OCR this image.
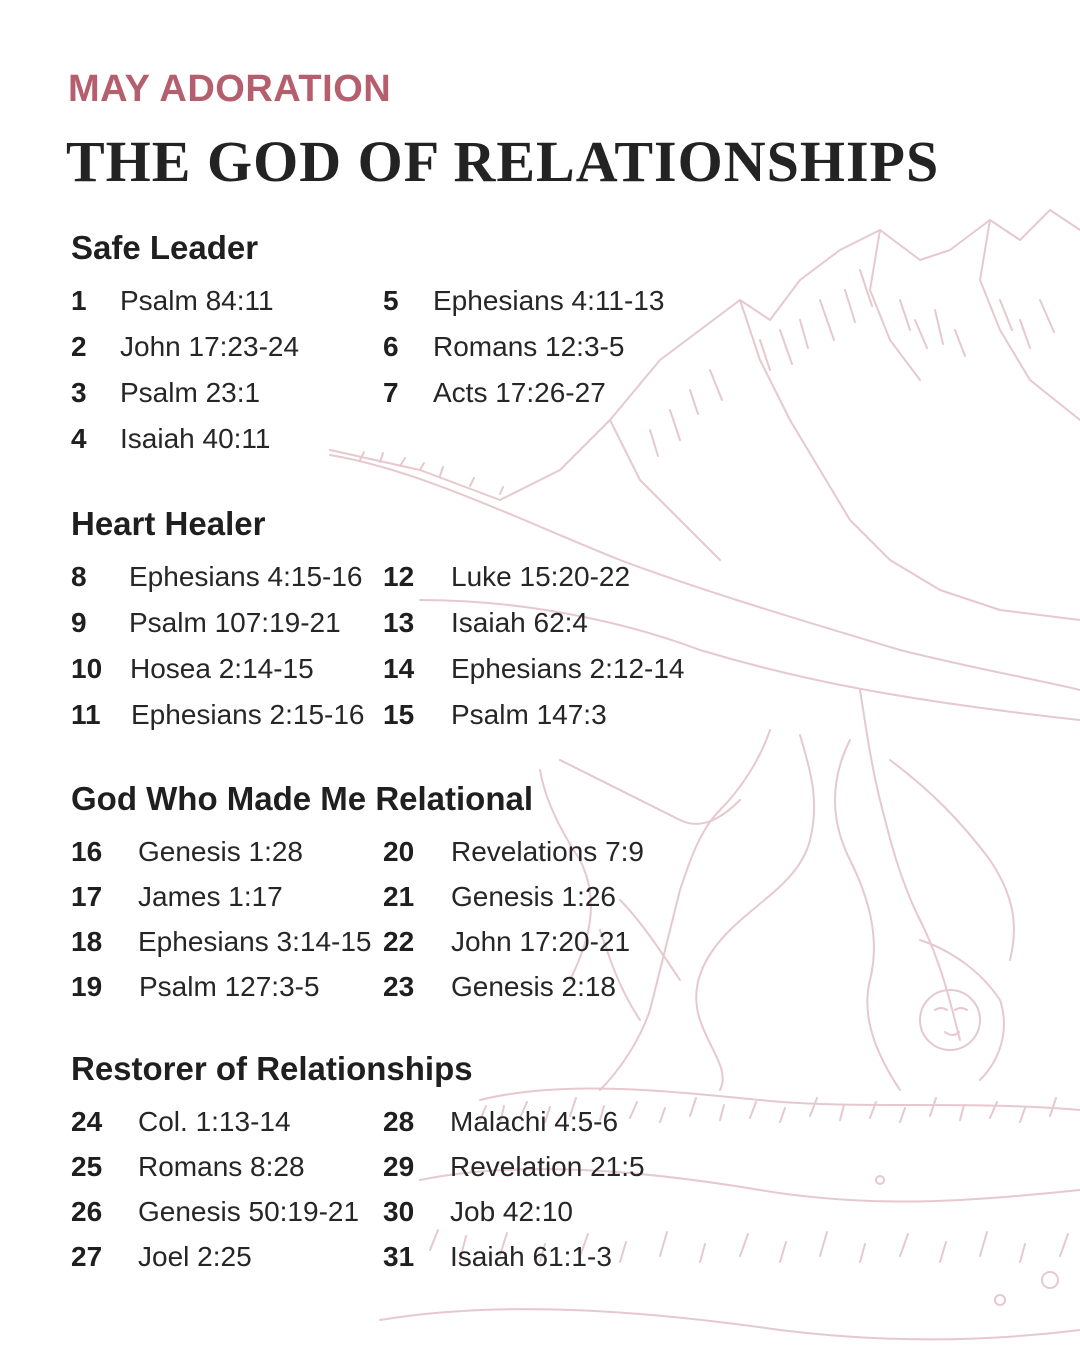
MAY ADORATION
THE GOD OF RELATIONSHIPS
Safe Leader
1 Psalm 84:11
2 John 17:23-24
3 Psalm 23:1
4 Isaiah 40:11
5 Ephesians 4:11-13
6 Romans 12:3-5
7 Acts 17:26-27
Heart Healer
8 Ephesians 4:15-16
9 Psalm 107:19-21
10 Hosea 2:14-15
11 Ephesians 2:15-16
12 Luke 15:20-22
13 Isaiah 62:4
14 Ephesians 2:12-14
15 Psalm 147:3
God Who Made Me Relational
16 Genesis 1:28
17 James 1:17
18 Ephesians 3:14-15
19 Psalm 127:3-5
20 Revelations 7:9
21 Genesis 1:26
22 John 17:20-21
23 Genesis 2:18
Restorer of Relationships
24 Col. 1:13-14
25 Romans 8:28
26 Genesis 50:19-21
27 Joel 2:25
28 Malachi 4:5-6
29 Revelation 21:5
30 Job 42:10
31 Isaiah 61:1-3
